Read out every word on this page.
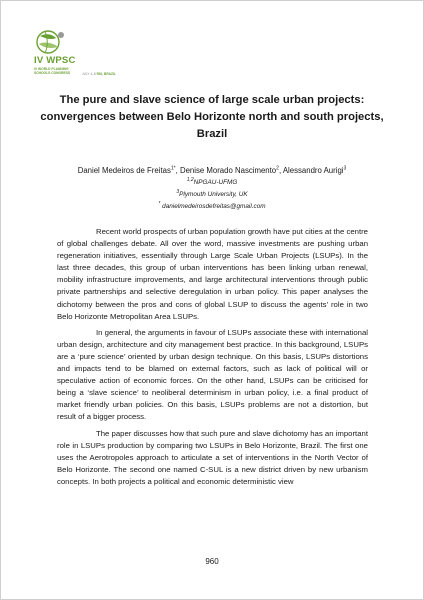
IV WPSC
IV WORLD PLANNING SCHOOLS CONGRESS	JULY 4–8 RIO, BRAZIL
The pure and slave science of large scale urban projects: convergences between Belo Horizonte north and south projects, Brazil
Daniel Medeiros de Freitas$^{1*}$, Denise Morado Nascimento$^2$, Alessandro Aurigi$^3$
$^{1,2}$NPGAU-UFMG
$^3$Plymouth University, UK
* danielmedeirosdefreitas@gmail.com

Recent world prospects of urban population growth have put cities at the centre of global challenges debate. All over the word, massive investments are pushing urban regeneration initiatives, essentially through Large Scale Urban Projects (LSUPs). In the last three decades, this group of urban interventions has been linking urban renewal, mobility infrastructure improvements, and large architectural interventions through public private partnerships and selective deregulation in urban policy. This paper analyses the dichotomy between the pros and cons of global LSUP to discuss the agents’ role in two Belo Horizonte Metropolitan Area LSUPs.

In general, the arguments in favour of LSUPs associate these with international urban design, architecture and city management best practice. In this background, LSUPs are a ‘pure science’ oriented by urban design technique. On this basis, LSUPs distortions and impacts tend to be blamed on external factors, such as lack of political will or speculative action of economic forces. On the other hand, LSUPs can be criticised for being a ‘slave science’ to neoliberal determinism in urban policy, i.e. a final product of market friendly urban policies. On this basis, LSUPs problems are not a distortion, but result of a bigger process.

The paper discusses how that such pure and slave dichotomy has an important role in LSUPs production by comparing two LSUPs in Belo Horizonte, Brazil. The first one uses the Aerotropoles approach to articulate a set of interventions in the North Vector of Belo Horizonte. The second one named C-SUL is a new district driven by new urbanism concepts. In both projects a political and economic deterministic view

960
